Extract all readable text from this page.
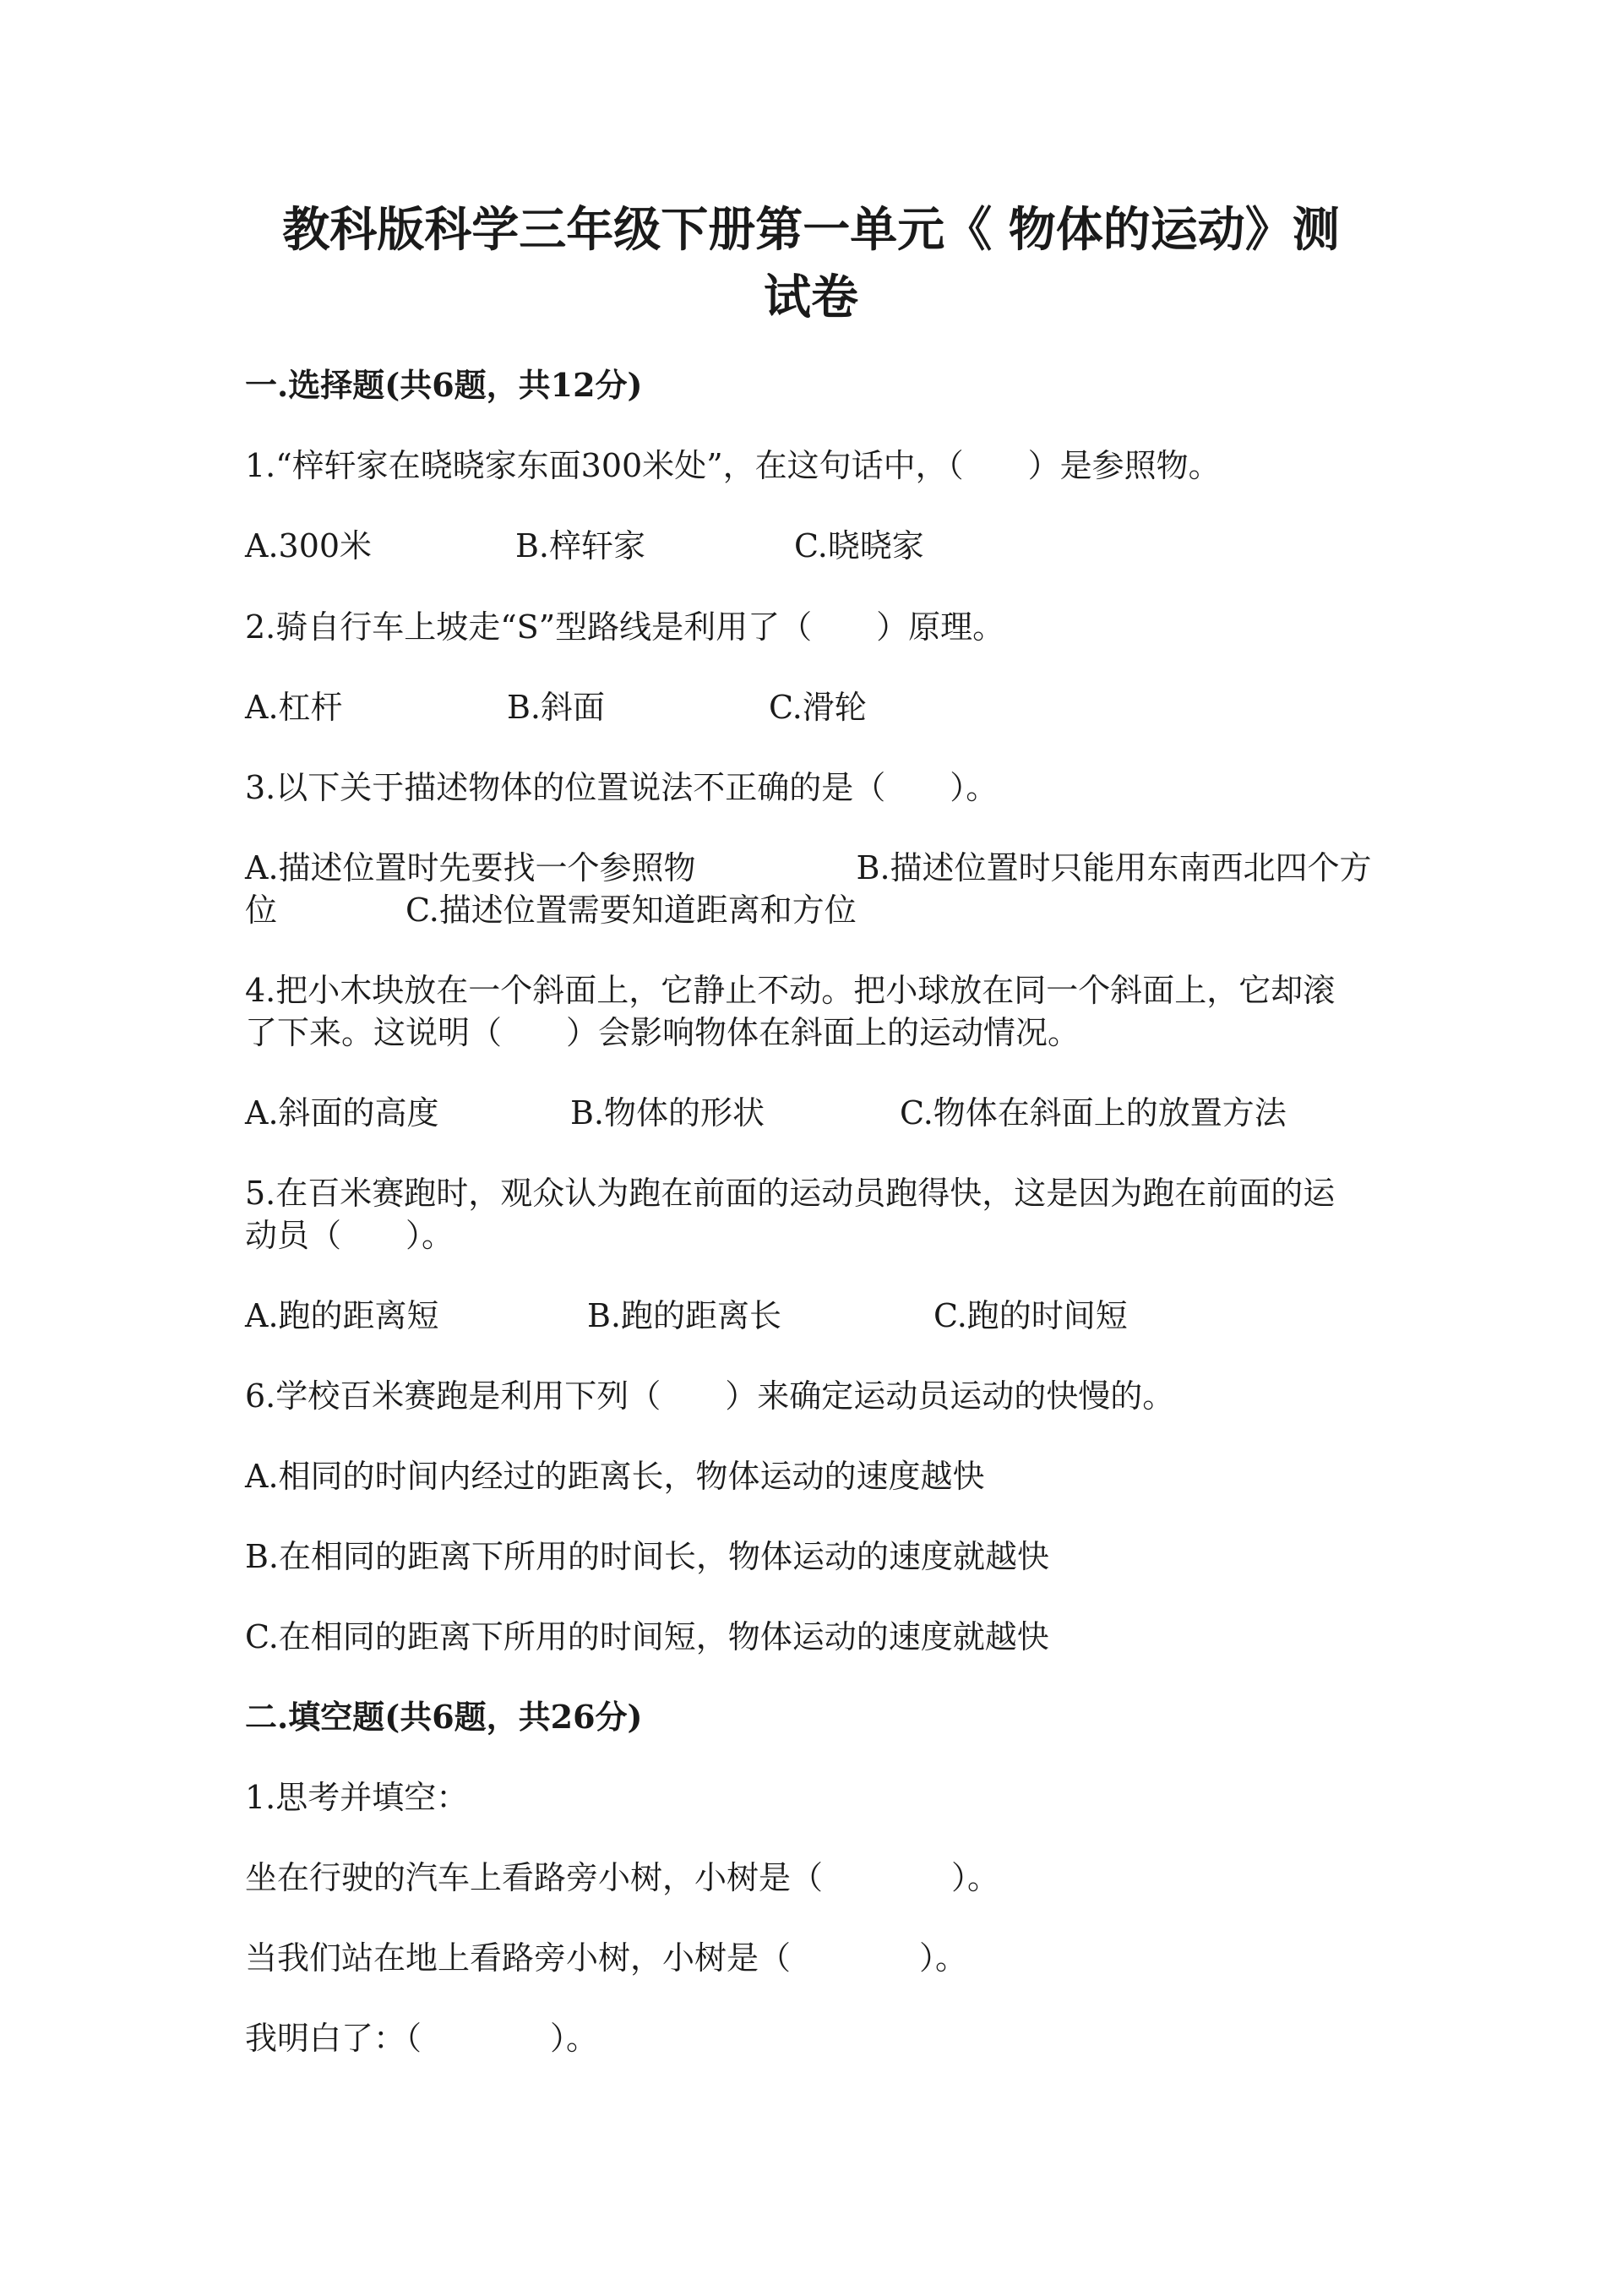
教科版科学三年级下册第一单元《 物体的运动》测
试卷

一.选择题(共6题，共12分)

1.“梓轩家在晓晓家东面300米处”，在这句话中，（　　）是参照物。

A.300米	B.梓轩家	C.晓晓家

2.骑自行车上坡走“S”型路线是利用了（　　）原理。

A.杠杆	B.斜面	C.滑轮

3.以下关于描述物体的位置说法不正确的是（　　）。

A.描述位置时先要找一个参照物　　　　　B.描述位置时只能用东南西北四个方

位　　　　C.描述位置需要知道距离和方位

4.把小木块放在一个斜面上，它静止不动。把小球放在同一个斜面上，它却滚

了下来。这说明（　　）会影响物体在斜面上的运动情况。

A.斜面的高度	B.物体的形状	C.物体在斜面上的放置方法

5.在百米赛跑时，观众认为跑在前面的运动员跑得快，这是因为跑在前面的运

动员（　　）。

A.跑的距离短	B.跑的距离长	C.跑的时间短

6.学校百米赛跑是利用下列（　　）来确定运动员运动的快慢的。

A.相同的时间内经过的距离长，物体运动的速度越快

B.在相同的距离下所用的时间长，物体运动的速度就越快

C.在相同的距离下所用的时间短，物体运动的速度就越快

二.填空题(共6题，共26分)

1.思考并填空：

坐在行驶的汽车上看路旁小树，小树是（　　　　）。

当我们站在地上看路旁小树，小树是（　　　　）。

我明白了：（　　　　）。
